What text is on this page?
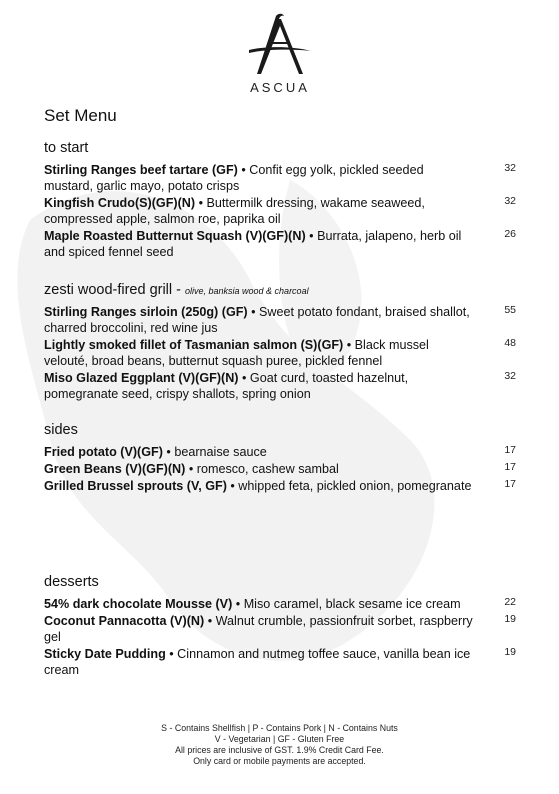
ASCUA
Set Menu
to start
Stirling Ranges beef tartare (GF) • Confit egg yolk, pickled seeded mustard, garlic mayo, potato crisps
32
Kingfish Crudo(S)(GF)(N) • Buttermilk dressing, wakame seaweed, compressed apple, salmon roe, paprika oil
32
Maple Roasted Butternut Squash (V)(GF)(N) • Burrata, jalapeno, herb oil and spiced fennel seed
26
zesti wood-fired grill - olive, banksia wood & charcoal
Stirling Ranges sirloin (250g) (GF) • Sweet potato fondant, braised shallot, charred broccolini, red wine jus
55
Lightly smoked fillet of Tasmanian salmon (S)(GF) • Black mussel velouté, broad beans, butternut squash puree, pickled fennel
48
Miso Glazed Eggplant (V)(GF)(N) • Goat curd, toasted hazelnut, pomegranate seed, crispy shallots, spring onion
32
sides
Fried potato (V)(GF) • bearnaise sauce	17
Green Beans (V)(GF)(N) • romesco, cashew sambal	17
Grilled Brussel sprouts (V, GF) • whipped feta, pickled onion, pomegranate	17
desserts
54% dark chocolate Mousse (V) • Miso caramel, black sesame ice cream	22
Coconut Pannacotta (V)(N) • Walnut crumble, passionfruit sorbet, raspberry gel
19
Sticky Date Pudding • Cinnamon and nutmeg toffee sauce, vanilla bean ice cream
19
S - Contains Shellfish | P - Contains Pork | N - Contains Nuts
V - Vegetarian | GF - Gluten Free
All prices are inclusive of GST. 1.9% Credit Card Fee.
Only card or mobile payments are accepted.
